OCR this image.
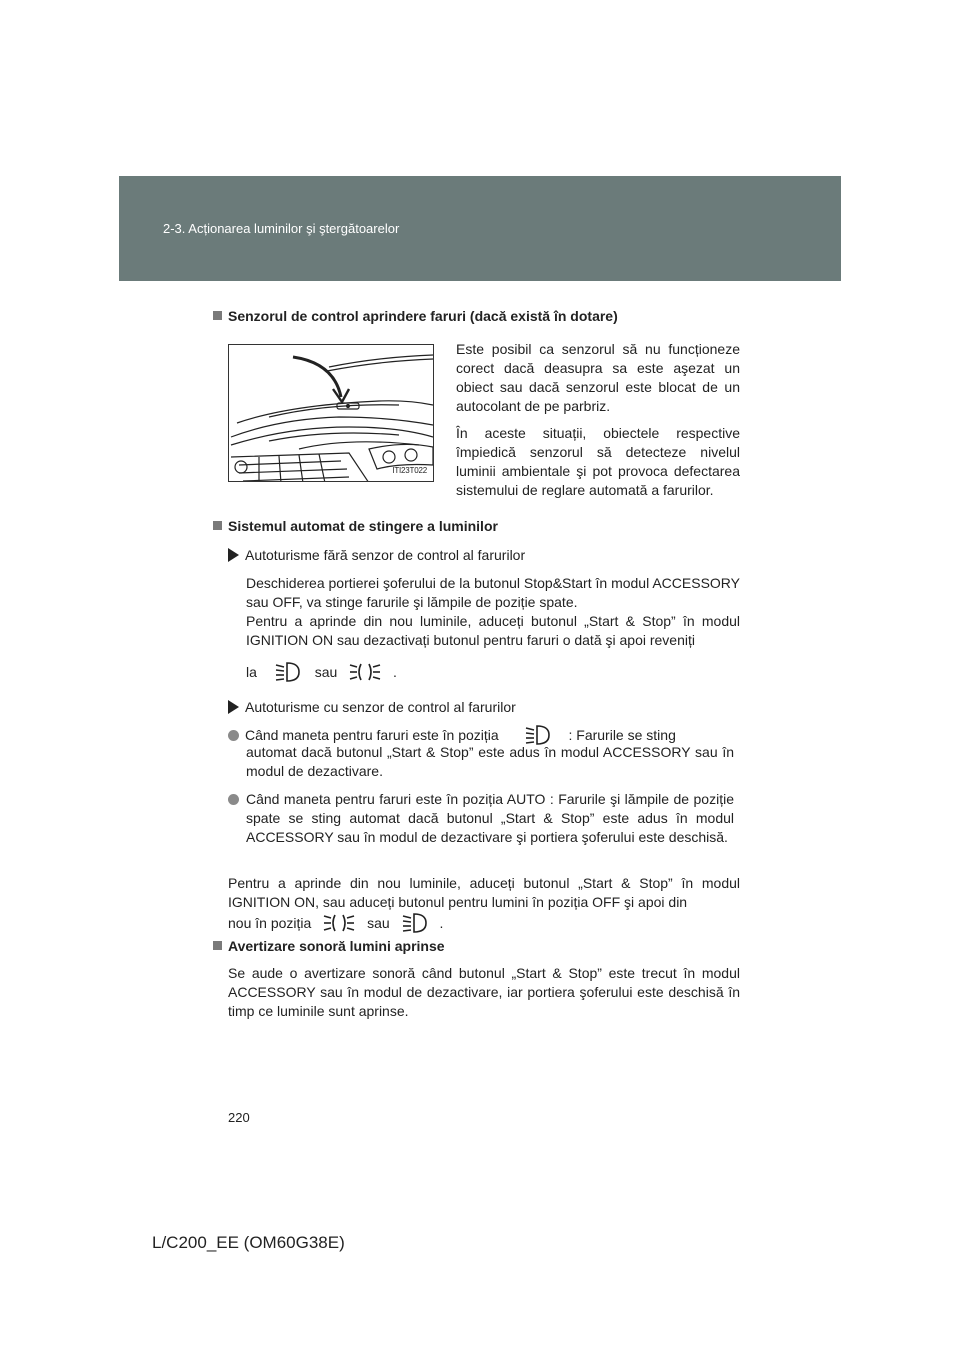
2-3. Acționarea luminilor şi ştergătoarelor
Senzorul de control aprindere faruri (dacă există în dotare)
ITI23T022
Este posibil ca senzorul să nu funcționeze corect dacă deasupra sa este aşezat un obiect sau dacă senzorul este blocat de un autocolant de pe parbriz.
În aceste situații, obiectele respective împiedică senzorul să detecteze nivelul luminii ambientale şi pot provoca defectarea sistemului de reglare automată a farurilor.
Sistemul automat de stingere a luminilor
Autoturisme fără senzor de control al farurilor
Deschiderea portierei şoferului de la butonul Stop&Start în modul ACCESSORY sau OFF, va stinge farurile şi lămpile de poziție spate.
Pentru a aprinde din nou luminile, aduceți butonul „Start & Stop” în modul IGNITION ON sau dezactivați butonul pentru faruri o dată şi apoi reveniți
la	sau	.
Autoturisme cu senzor de control al farurilor
Când maneta pentru faruri este în poziția	: Farurile se sting
automat dacă butonul „Start & Stop” este adus în modul ACCESSORY sau în modul de dezactivare.
Când maneta pentru faruri este în poziția AUTO : Farurile şi lămpile de poziție spate se sting automat dacă butonul „Start & Stop” este adus în modul ACCESSORY sau în modul de dezactivare şi portiera şoferului este deschisă.
Pentru a aprinde din nou luminile, aduceți butonul „Start & Stop” în modul IGNITION ON, sau aduceți butonul pentru lumini în poziția OFF şi apoi din
nou în poziția	sau	.
Avertizare sonoră lumini aprinse
Se aude o avertizare sonoră când butonul „Start & Stop” este trecut în modul ACCESSORY sau în modul de dezactivare, iar portiera şoferului este deschisă în timp ce luminile sunt aprinse.
220
L/C200_EE (OM60G38E)
